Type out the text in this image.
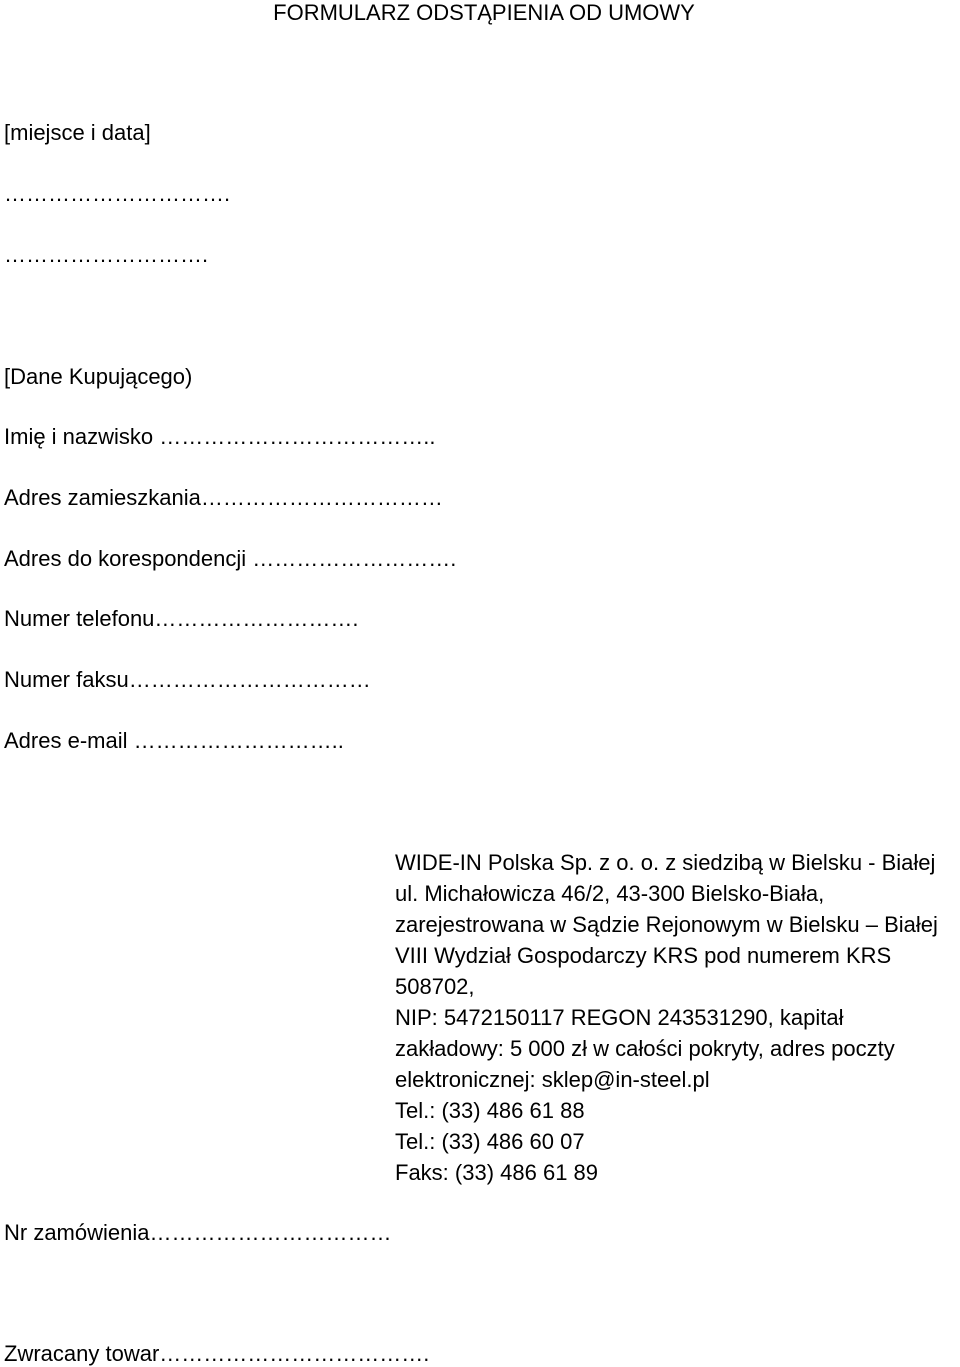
FORMULARZ ODSTĄPIENIA OD UMOWY
[miejsce i data]
………………………….
……………………….
[Dane Kupującego)
Imię i nazwisko ………………………………..
Adres zamieszkania……………………………
Adres do korespondencji ……………………….
Numer telefonu……………………….
Numer faksu……………………………
Adres e-mail ………………………..
WIDE-IN Polska Sp. z o. o. z siedzibą w Bielsku - Białej
ul. Michałowicza 46/2, 43-300 Bielsko-Biała,
zarejestrowana w Sądzie Rejonowym w Bielsku – Białej
VIII Wydział Gospodarczy KRS pod numerem KRS
508702,
NIP: 5472150117 REGON 243531290, kapitał
zakładowy: 5 000 zł w całości pokryty, adres poczty
elektronicznej: sklep@in-steel.pl
Tel.: (33) 486 61 88
Tel.: (33) 486 60 07
Faks: (33) 486 61 89
Nr zamówienia……………………………
Zwracany towar……………………………….
